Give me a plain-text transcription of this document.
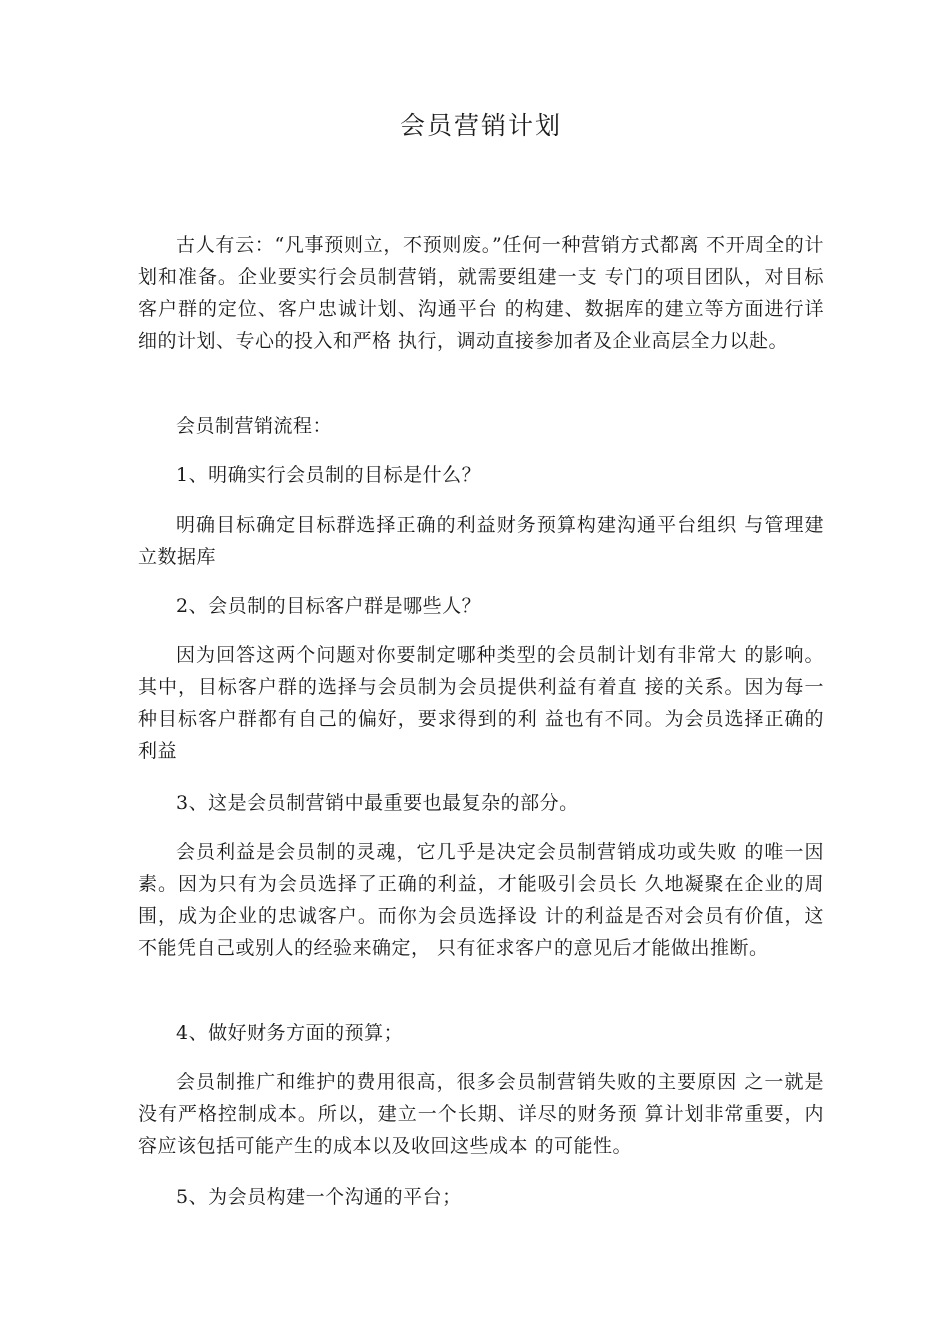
会员营销计划

古人有云：“凡事预则立，不预则废。”任何一种营销方式都离 不开周全的计划和准备。企业要实行会员制营销，就需要组建一支 专门的项目团队，对目标客户群的定位、客户忠诚计划、沟通平台 的构建、数据库的建立等方面进行详细的计划、专心的投入和严格 执行，调动直接参加者及企业高层全力以赴。

会员制营销流程：

1、明确实行会员制的目标是什么？

明确目标确定目标群选择正确的利益财务预算构建沟通平台组织 与管理建立数据库

2、会员制的目标客户群是哪些人？

因为回答这两个问题对你要制定哪种类型的会员制计划有非常大 的影响。其中，目标客户群的选择与会员制为会员提供利益有着直 接的关系。因为每一种目标客户群都有自己的偏好，要求得到的利 益也有不同。为会员选择正确的利益

3、这是会员制营销中最重要也最复杂的部分。

会员利益是会员制的灵魂，它几乎是决定会员制营销成功或失败 的唯一因素。因为只有为会员选择了正确的利益，才能吸引会员长 久地凝聚在企业的周围，成为企业的忠诚客户。而你为会员选择设 计的利益是否对会员有价值，这不能凭自己或别人的经验来确定， 只有征求客户的意见后才能做出推断。

4、做好财务方面的预算；

会员制推广和维护的费用很高，很多会员制营销失败的主要原因 之一就是没有严格控制成本。所以，建立一个长期、详尽的财务预 算计划非常重要，内容应该包括可能产生的成本以及收回这些成本 的可能性。

5、为会员构建一个沟通的平台；
